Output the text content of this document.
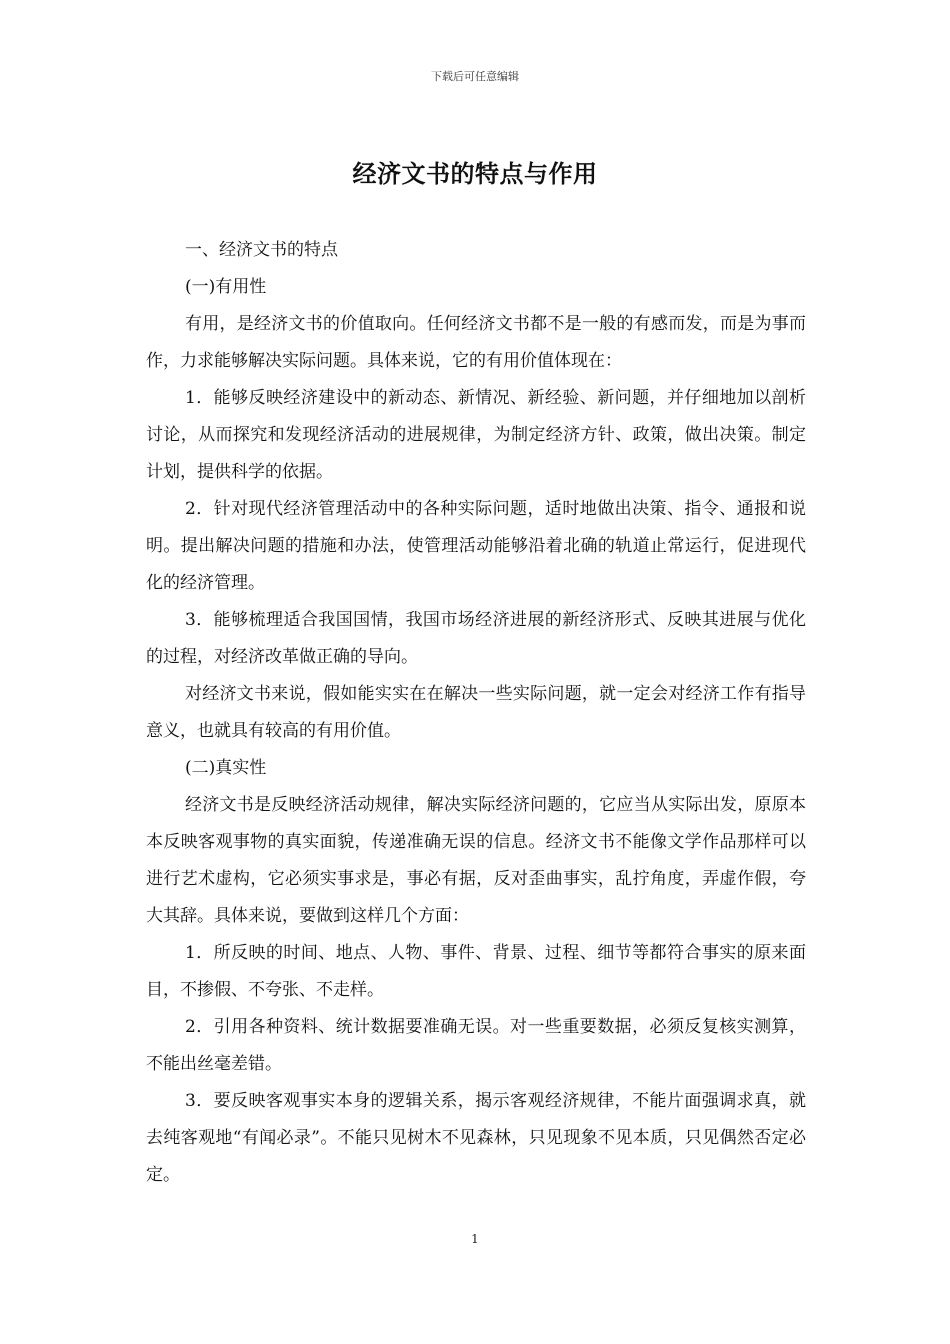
下载后可任意编辑
经济文书的特点与作用

一、经济文书的特点

(一)有用性

有用，是经济文书的价值取向。任何经济文书都不是一般的有感而发，而是为事而作，力求能够解决实际问题。具体来说，它的有用价值体现在：

1．能够反映经济建设中的新动态、新情况、新经验、新问题，并仔细地加以剖析讨论，从而探究和发现经济活动的进展规律，为制定经济方针、政策，做出决策。制定计划，提供科学的依据。

2．针对现代经济管理活动中的各种实际问题，适时地做出决策、指令、通报和说明。提出解决问题的措施和办法，使管理活动能够沿着北确的轨道止常运行，促进现代化的经济管理。

3．能够梳理适合我国国情，我国市场经济进展的新经济形式、反映其进展与优化的过程，对经济改革做正确的导向。

对经济文书来说，假如能实实在在解决一些实际问题，就一定会对经济工作有指导意义，也就具有较高的有用价值。

(二)真实性

经济文书是反映经济活动规律，解决实际经济问题的，它应当从实际出发，原原本本反映客观事物的真实面貌，传递准确无误的信息。经济文书不能像文学作品那样可以进行艺术虚构，它必须实事求是，事必有据，反对歪曲事实，乱拧角度，弄虚作假，夸大其辞。具体来说，要做到这样几个方面：

1．所反映的时间、地点、人物、事件、背景、过程、细节等都符合事实的原来面目，不掺假、不夸张、不走样。

2．引用各种资料、统计数据要准确无误。对一些重要数据，必须反复核实测算，不能出丝毫差错。

3．要反映客观事实本身的逻辑关系，揭示客观经济规律，不能片面强调求真，就去纯客观地“有闻必录”。不能只见树木不见森林，只见现象不见本质，只见偶然否定必定。

1
